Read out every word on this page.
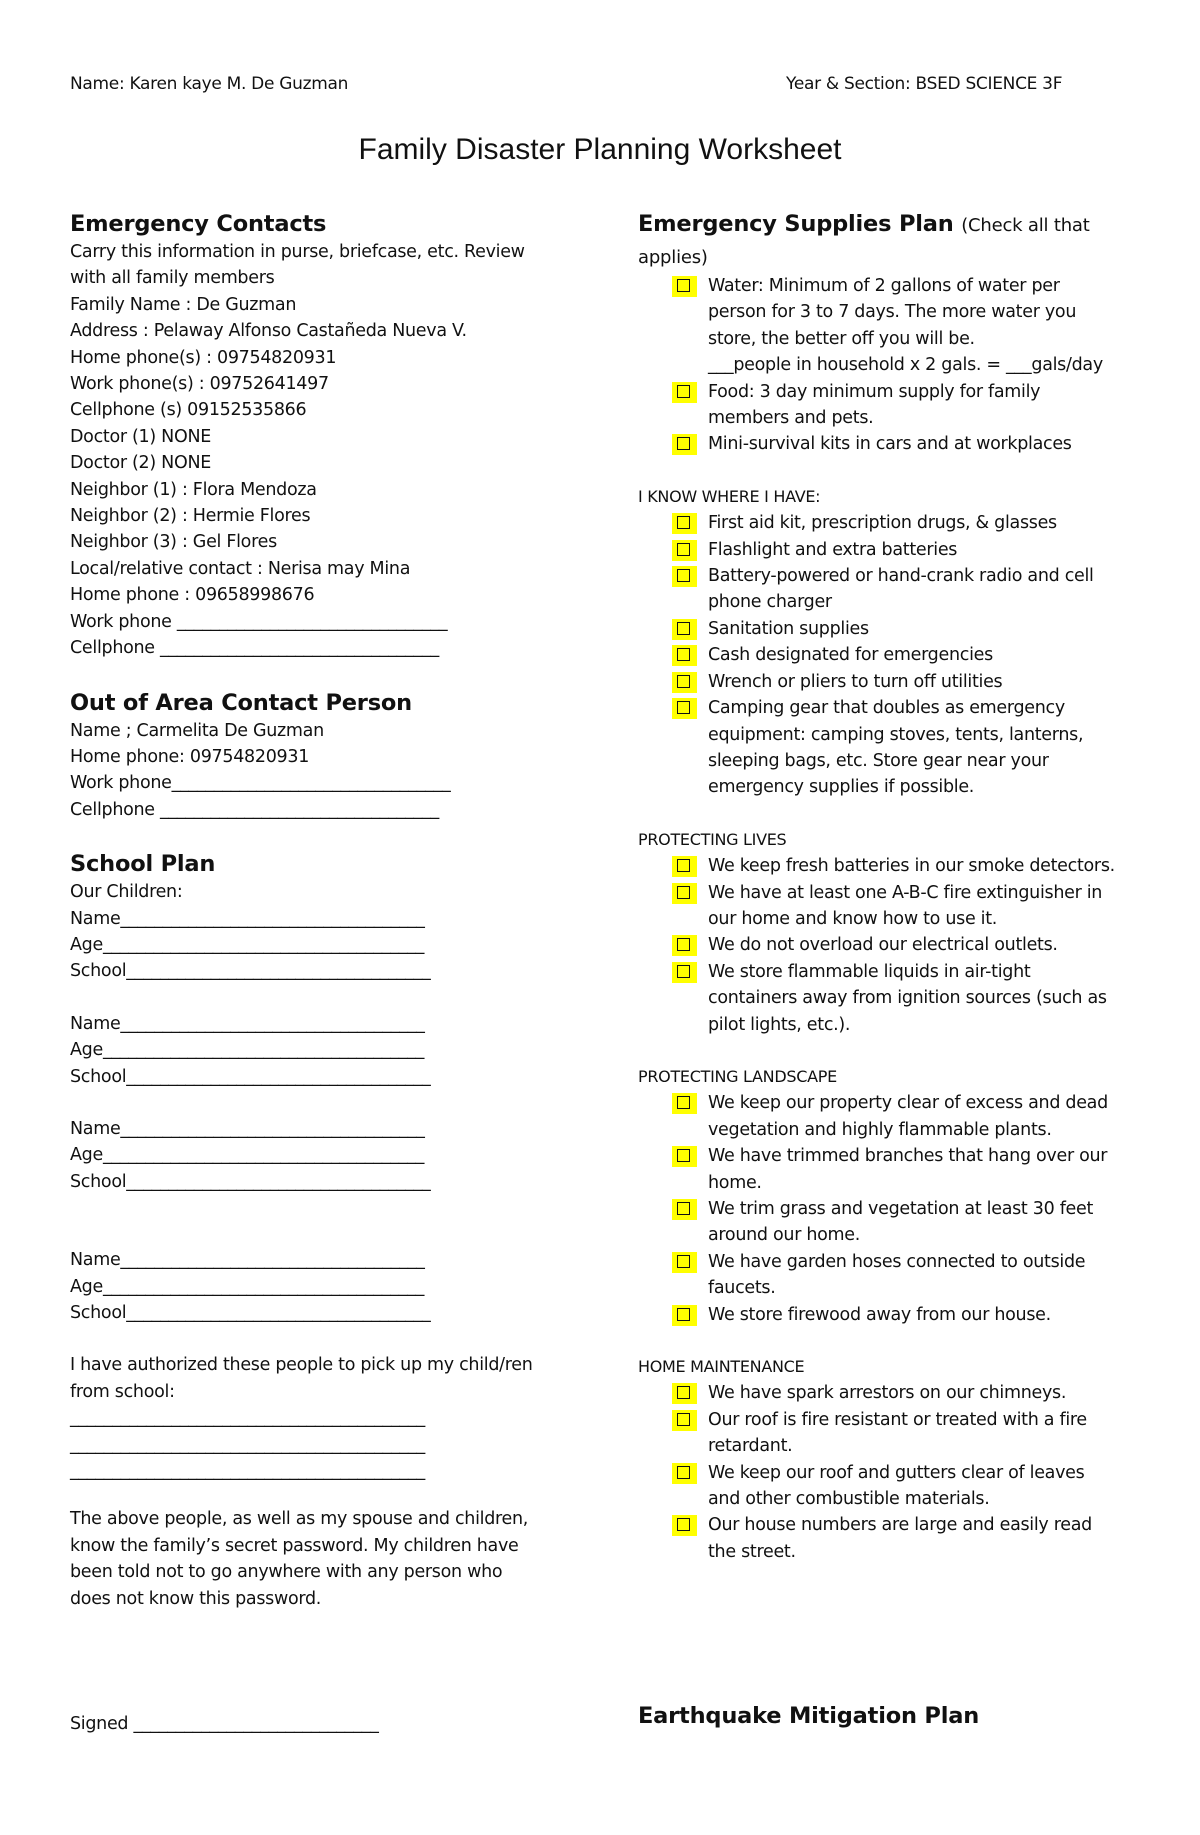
Name: Karen kaye M. De Guzman	Year & Section: BSED SCIENCE 3F
Family Disaster Planning Worksheet
Emergency Contacts
Carry this information in purse, briefcase, etc. Review
with all family members
Family Name : De Guzman
Address : Pelaway Alfonso Castañeda Nueva V.
Home phone(s) : 09754820931
Work phone(s) : 09752641497
Cellphone (s) 09152535866
Doctor (1) NONE
Doctor (2) NONE
Neighbor (1) : Flora Mendoza
Neighbor (2) : Hermie Flores
Neighbor (3) : Gel Flores
Local/relative contact : Nerisa may Mina
Home phone : 09658998676
Work phone ________________________________
Cellphone _________________________________
Out of Area Contact Person
Name ; Carmelita De Guzman
Home phone: 09754820931
Work phone_________________________________
Cellphone _________________________________
School Plan
Our Children:
Name____________________________________
Age______________________________________
School____________________________________
Name____________________________________
Age______________________________________
School____________________________________
Name____________________________________
Age______________________________________
School____________________________________
Name____________________________________
Age______________________________________
School____________________________________
I have authorized these people to pick up my child/ren
from school:
__________________________________________
__________________________________________
__________________________________________
The above people, as well as my spouse and children,
know the family’s secret password. My children have
been told not to go anywhere with any person who
does not know this password.
Signed _____________________________
Emergency Supplies Plan (Check all that applies)
Water: Minimum of 2 gallons of water per
person for 3 to 7 days. The more water you
store, the better off you will be.
___people in household x 2 gals. = ___gals/day
Food: 3 day minimum supply for family
members and pets.
Mini-survival kits in cars and at workplaces
I KNOW WHERE I HAVE:
First aid kit, prescription drugs, & glasses
Flashlight and extra batteries
Battery-powered or hand-crank radio and cell
phone charger
Sanitation supplies
Cash designated for emergencies
Wrench or pliers to turn off utilities
Camping gear that doubles as emergency
equipment: camping stoves, tents, lanterns,
sleeping bags, etc. Store gear near your
emergency supplies if possible.
PROTECTING LIVES
We keep fresh batteries in our smoke detectors.
We have at least one A-B-C fire extinguisher in
our home and know how to use it.
We do not overload our electrical outlets.
We store flammable liquids in air-tight
containers away from ignition sources (such as
pilot lights, etc.).
PROTECTING LANDSCAPE
We keep our property clear of excess and dead
vegetation and highly flammable plants.
We have trimmed branches that hang over our
home.
We trim grass and vegetation at least 30 feet
around our home.
We have garden hoses connected to outside
faucets.
We store firewood away from our house.
HOME MAINTENANCE
We have spark arrestors on our chimneys.
Our roof is fire resistant or treated with a fire
retardant.
We keep our roof and gutters clear of leaves
and other combustible materials.
Our house numbers are large and easily read
the street.
Earthquake Mitigation Plan
